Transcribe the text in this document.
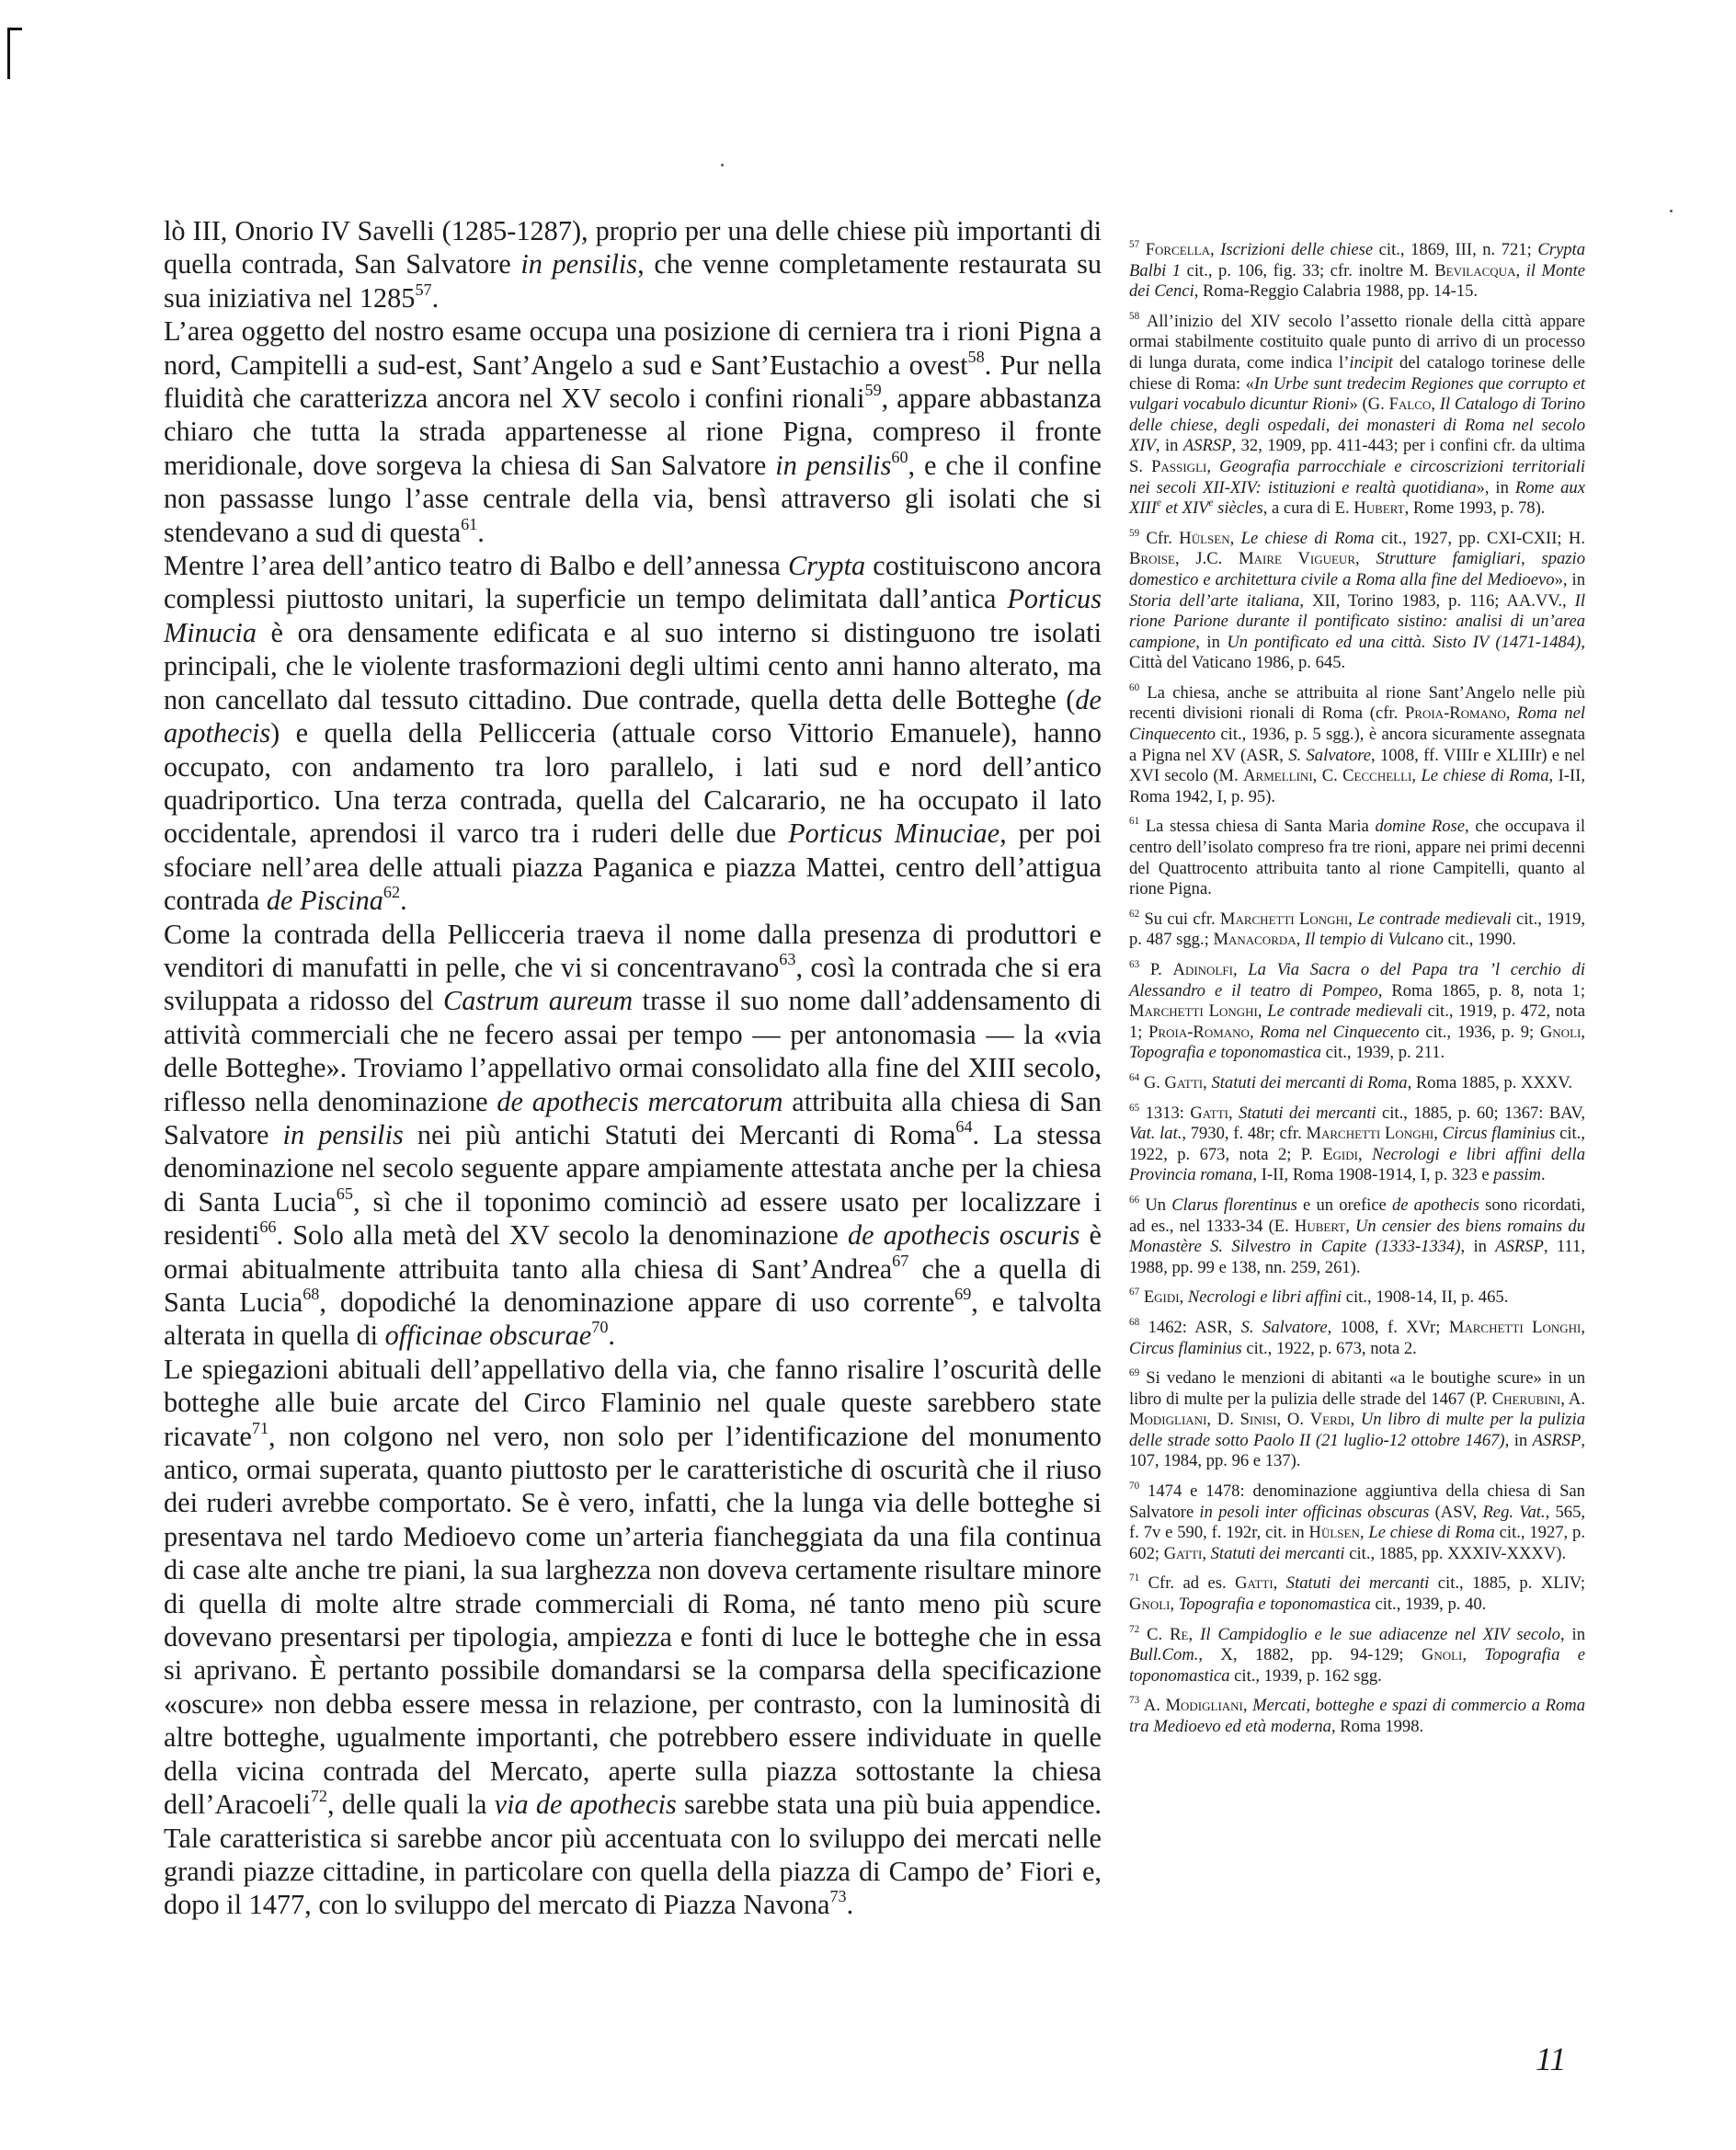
lò III, Onorio IV Savelli (1285-1287), proprio per una delle chiese più importanti di quella contrada, San Salvatore in pensilis, che venne completamente restaurata su sua iniziativa nel 1285$^{57}$.

L’area oggetto del nostro esame occupa una posizione di cerniera tra i rioni Pigna a nord, Campitelli a sud-est, Sant’Angelo a sud e Sant’Eustachio a ovest$^{58}$. Pur nella fluidità che caratterizza ancora nel XV secolo i confini rionali$^{59}$, appare abbastanza chiaro che tutta la strada appartenesse al rione Pigna, compreso il fronte meridionale, dove sorgeva la chiesa di San Salvatore in pensilis$^{60}$, e che il confine non passasse lungo l’asse centrale della via, bensì attraverso gli isolati che si stendevano a sud di questa$^{61}$.

Mentre l’area dell’antico teatro di Balbo e dell’annessa Crypta costituiscono ancora complessi piuttosto unitari, la superficie un tempo delimitata dall’antica Porticus Minucia è ora densamente edificata e al suo interno si distinguono tre isolati principali, che le violente trasformazioni degli ultimi cento anni hanno alterato, ma non cancellato dal tessuto cittadino. Due contrade, quella detta delle Botteghe (de apothecis) e quella della Pellicceria (attuale corso Vittorio Emanuele), hanno occupato, con andamento tra loro parallelo, i lati sud e nord dell’antico quadriportico. Una terza contrada, quella del Calcarario, ne ha occupato il lato occidentale, aprendosi il varco tra i ruderi delle due Porticus Minuciae, per poi sfociare nell’area delle attuali piazza Paganica e piazza Mattei, centro dell’attigua contrada de Piscina$^{62}$.

Come la contrada della Pellicceria traeva il nome dalla presenza di produttori e venditori di manufatti in pelle, che vi si concentravano$^{63}$, così la contrada che si era sviluppata a ridosso del Castrum aureum trasse il suo nome dall’addensamento di attività commerciali che ne fecero assai per tempo — per antonomasia — la «via delle Botteghe». Troviamo l’appellativo ormai consolidato alla fine del XIII secolo, riflesso nella denominazione de apothecis mercatorum attribuita alla chiesa di San Salvatore in pensilis nei più antichi Statuti dei Mercanti di Roma$^{64}$. La stessa denominazione nel secolo seguente appare ampiamente attestata anche per la chiesa di Santa Lucia$^{65}$, sì che il toponimo cominciò ad essere usato per localizzare i residenti$^{66}$. Solo alla metà del XV secolo la denominazione de apothecis oscuris è ormai abitualmente attribuita tanto alla chiesa di Sant’Andrea$^{67}$ che a quella di Santa Lucia$^{68}$, dopodiché la denominazione appare di uso corrente$^{69}$, e talvolta alterata in quella di officinae obscurae$^{70}$.

Le spiegazioni abituali dell’appellativo della via, che fanno risalire l’oscurità delle botteghe alle buie arcate del Circo Flaminio nel quale queste sarebbero state ricavate$^{71}$, non colgono nel vero, non solo per l’identificazione del monumento antico, ormai superata, quanto piuttosto per le caratteristiche di oscurità che il riuso dei ruderi avrebbe comportato. Se è vero, infatti, che la lunga via delle botteghe si presentava nel tardo Medioevo come un’arteria fiancheggiata da una fila continua di case alte anche tre piani, la sua larghezza non doveva certamente risultare minore di quella di molte altre strade commerciali di Roma, né tanto meno più scure dovevano presentarsi per tipologia, ampiezza e fonti di luce le botteghe che in essa si aprivano. È pertanto possibile domandarsi se la comparsa della specificazione «oscure» non debba essere messa in relazione, per contrasto, con la luminosità di altre botteghe, ugualmente importanti, che potrebbero essere individuate in quelle della vicina contrada del Mercato, aperte sulla piazza sottostante la chiesa dell’Aracoeli$^{72}$, delle quali la via de apothecis sarebbe stata una più buia appendice. Tale caratteristica si sarebbe ancor più accentuata con lo sviluppo dei mercati nelle grandi piazze cittadine, in particolare con quella della piazza di Campo de’ Fiori e, dopo il 1477, con lo sviluppo del mercato di Piazza Navona$^{73}$.

$^{57}$ Forcella, Iscrizioni delle chiese cit., 1869, III, n. 721; Crypta Balbi 1 cit., p. 106, fig. 33; cfr. inoltre M. Bevilacqua, il Monte dei Cenci, Roma-Reggio Calabria 1988, pp. 14-15.
$^{58}$ All’inizio del XIV secolo l’assetto rionale della città appare ormai stabilmente costituito quale punto di arrivo di un processo di lunga durata, come indica l’incipit del catalogo torinese delle chiese di Roma: «In Urbe sunt tredecim Regiones que corrupto et vulgari vocabulo dicuntur Rioni» (G. Falco, Il Catalogo di Torino delle chiese, degli ospedali, dei monasteri di Roma nel secolo XIV, in ASRSP, 32, 1909, pp. 411-443; per i confini cfr. da ultima S. Passigli, Geografia parrocchiale e circoscrizioni territoriali nei secoli XII-XIV: istituzioni e realtà quotidiana», in Rome aux XIIIe et XIVe siècles, a cura di E. Hubert, Rome 1993, p. 78).
$^{59}$ Cfr. Hülsen, Le chiese di Roma cit., 1927, pp. CXI-CXII; H. Broise, J.C. Maire Vigueur, Strutture famigliari, spazio domestico e architettura civile a Roma alla fine del Medioevo», in Storia dell’arte italiana, XII, Torino 1983, p. 116; AA.VV., Il rione Parione durante il pontificato sistino: analisi di un’area campione, in Un pontificato ed una città. Sisto IV (1471-1484), Città del Vaticano 1986, p. 645.
$^{60}$ La chiesa, anche se attribuita al rione Sant’Angelo nelle più recenti divisioni rionali di Roma (cfr. Proia-Romano, Roma nel Cinquecento cit., 1936, p. 5 sgg.), è ancora sicuramente assegnata a Pigna nel XV (ASR, S. Salvatore, 1008, ff. VIIIr e XLIIIr) e nel XVI secolo (M. Armellini, C. Cecchelli, Le chiese di Roma, I-II, Roma 1942, I, p. 95).
$^{61}$ La stessa chiesa di Santa Maria domine Rose, che occupava il centro dell’isolato compreso fra tre rioni, appare nei primi decenni del Quattrocento attribuita tanto al rione Campitelli, quanto al rione Pigna.
$^{62}$ Su cui cfr. Marchetti Longhi, Le contrade medievali cit., 1919, p. 487 sgg.; Manacorda, Il tempio di Vulcano cit., 1990.
$^{63}$ P. Adinolfi, La Via Sacra o del Papa tra ’l cerchio di Alessandro e il teatro di Pompeo, Roma 1865, p. 8, nota 1; Marchetti Longhi, Le contrade medievali cit., 1919, p. 472, nota 1; Proia-Romano, Roma nel Cinquecento cit., 1936, p. 9; Gnoli, Topografia e toponomastica cit., 1939, p. 211.
$^{64}$ G. Gatti, Statuti dei mercanti di Roma, Roma 1885, p. XXXV.
$^{65}$ 1313: Gatti, Statuti dei mercanti cit., 1885, p. 60; 1367: BAV, Vat. lat., 7930, f. 48r; cfr. Marchetti Longhi, Circus flaminius cit., 1922, p. 673, nota 2; P. Egidi, Necrologi e libri affini della Provincia romana, I-II, Roma 1908-1914, I, p. 323 e passim.
$^{66}$ Un Clarus florentinus e un orefice de apothecis sono ricordati, ad es., nel 1333-34 (E. Hubert, Un censier des biens romains du Monastère S. Silvestro in Capite (1333-1334), in ASRSP, 111, 1988, pp. 99 e 138, nn. 259, 261).
$^{67}$ Egidi, Necrologi e libri affini cit., 1908-14, II, p. 465.
$^{68}$ 1462: ASR, S. Salvatore, 1008, f. XVr; Marchetti Longhi, Circus flaminius cit., 1922, p. 673, nota 2.
$^{69}$ Si vedano le menzioni di abitanti «a le boutighe scure» in un libro di multe per la pulizia delle strade del 1467 (P. Cherubini, A. Modigliani, D. Sinisi, O. Verdi, Un libro di multe per la pulizia delle strade sotto Paolo II (21 luglio-12 ottobre 1467), in ASRSP, 107, 1984, pp. 96 e 137).
$^{70}$ 1474 e 1478: denominazione aggiuntiva della chiesa di San Salvatore in pesoli inter officinas obscuras (ASV, Reg. Vat., 565, f. 7v e 590, f. 192r, cit. in Hülsen, Le chiese di Roma cit., 1927, p. 602; Gatti, Statuti dei mercanti cit., 1885, pp. XXXIV-XXXV).
$^{71}$ Cfr. ad es. Gatti, Statuti dei mercanti cit., 1885, p. XLIV; Gnoli, Topografia e toponomastica cit., 1939, p. 40.
$^{72}$ C. Re, Il Campidoglio e le sue adiacenze nel XIV secolo, in Bull.Com., X, 1882, pp. 94-129; Gnoli, Topografia e toponomastica cit., 1939, p. 162 sgg.
$^{73}$ A. Modigliani, Mercati, botteghe e spazi di commercio a Roma tra Medioevo ed età moderna, Roma 1998.
11
